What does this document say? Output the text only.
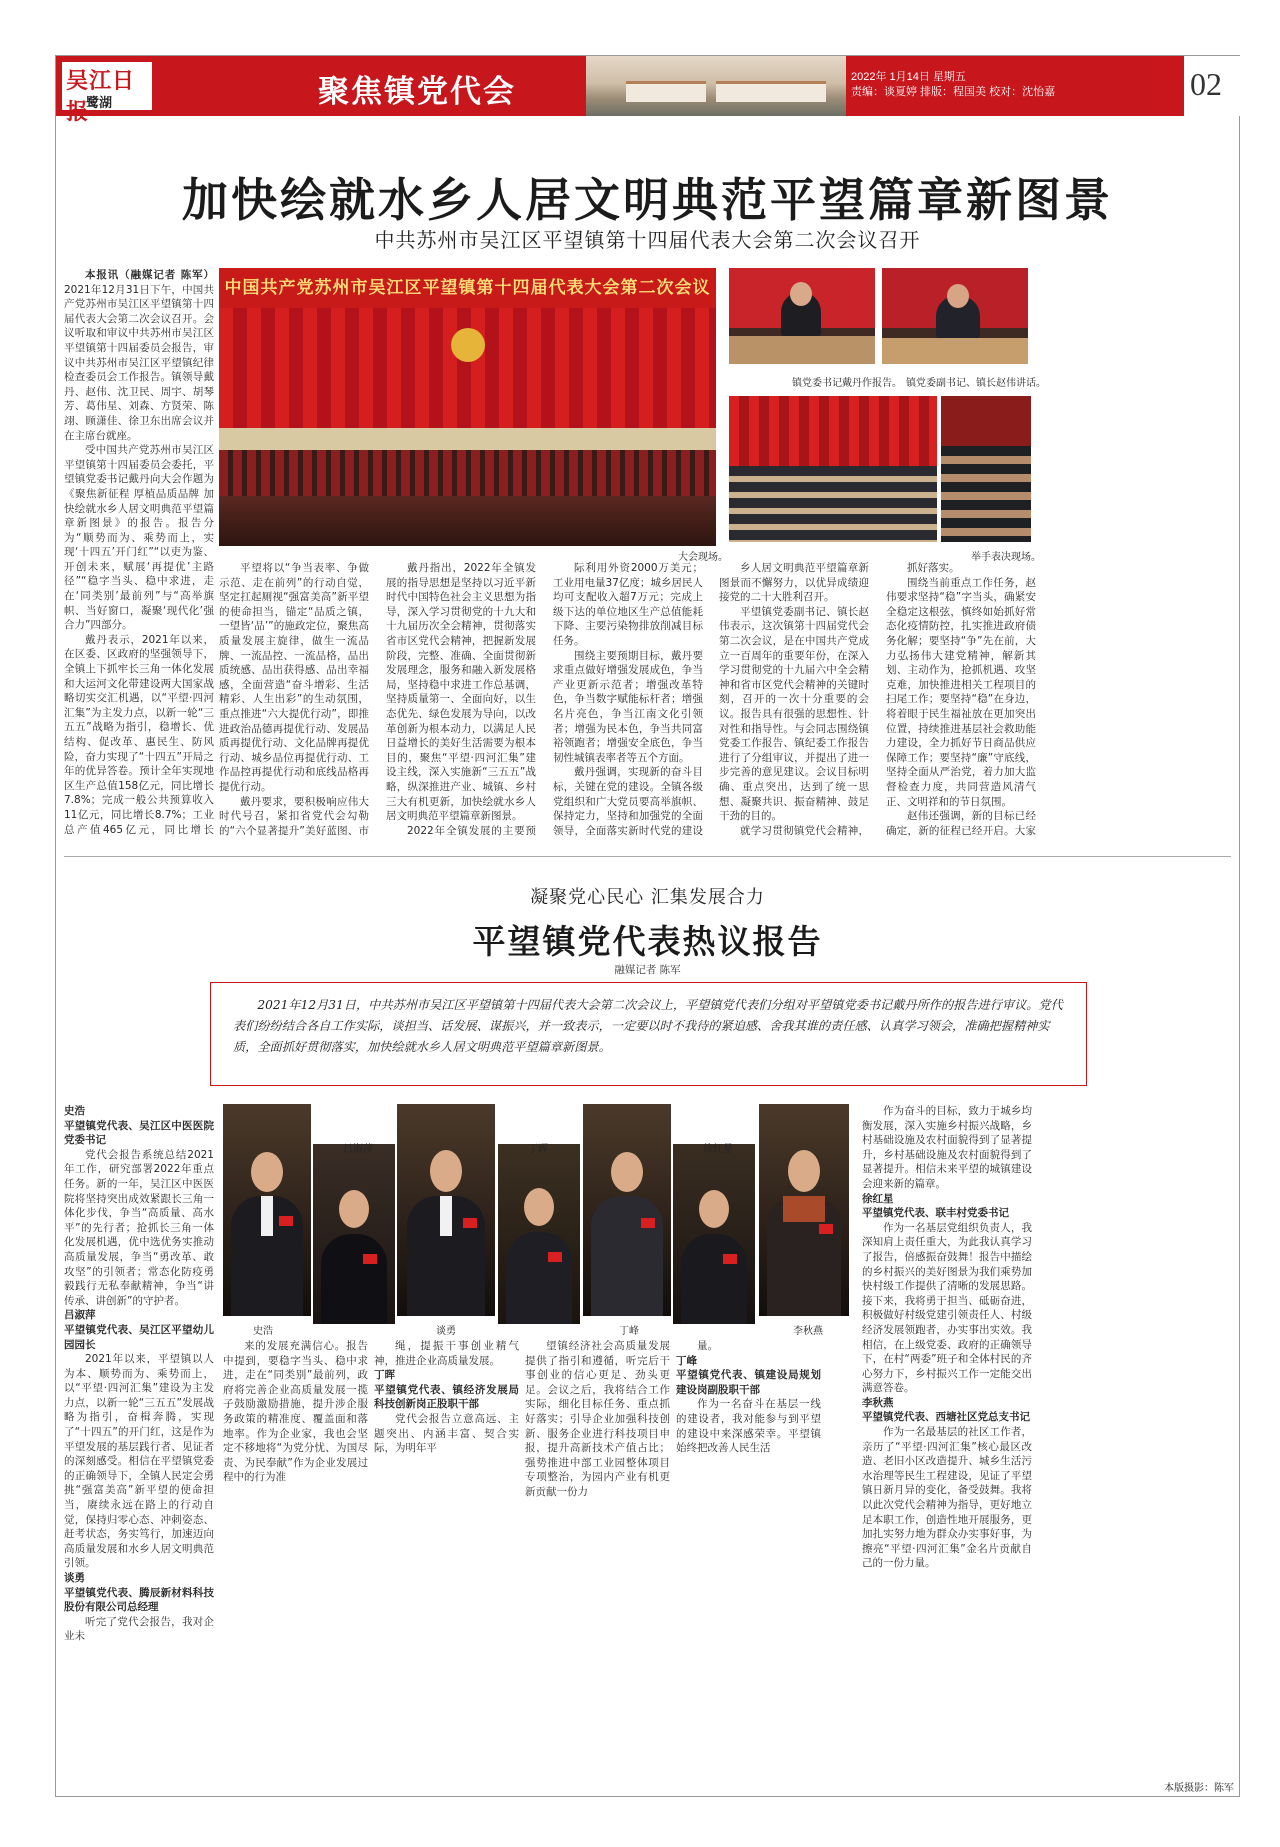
吴江日报
鹭湖	聚焦镇党代会	2022年 1月14日 星期五
责编：谈夏婷 排版：程国美 校对：沈怡嘉	02
加快绘就水乡人居文明典范平望篇章新图景
中共苏州市吴江区平望镇第十四届代表大会第二次会议召开
中国共产党苏州市吴江区平望镇第十四届代表大会第二次会议
大会现场。
镇党委书记戴丹作报告。 镇党委副书记、镇长赵伟讲话。
举手表决现场。

本报讯（融媒记者 陈军）2021年12月31日下午，中国共产党苏州市吴江区平望镇第十四届代表大会第二次会议召开。会议听取和审议中共苏州市吴江区平望镇第十四届委员会报告，审议中共苏州市吴江区平望镇纪律检查委员会工作报告。镇领导戴丹、赵伟、沈卫民、周宇、胡琴芳、葛伟星、刘森、方贤荣、陈翊、顾潇佳、徐卫东出席会议并在主席台就座。

受中国共产党苏州市吴江区平望镇第十四届委员会委托，平望镇党委书记戴丹向大会作题为《聚焦新征程 厚植品质品牌 加快绘就水乡人居文明典范平望篇章新图景》的报告。报告分为“顺势而为、乘势而上，实现‘十四五’开门红”“以吏为鉴、开创未来，赋展‘再提优’主路径”“稳字当头、稳中求进，走在‘同类别’最前列”与“高举旗帜、当好窗口，凝聚‘现代化’强合力”四部分。

戴丹表示，2021年以来，在区委、区政府的坚强领导下，全镇上下抓牢长三角一体化发展和大运河文化带建设两大国家战略切实交汇机遇，以“平望·四河汇集”为主发力点，以新一轮“三五五”战略为指引，稳增长、优结构、促改革、惠民生、防风险，奋力实现了“十四五”开局之年的优异答卷。预计全年实现地区生产总值158亿元，同比增长7.8%；完成一般公共预算收入11亿元，同比增长8.7%；工业总产值465亿元，同比增长

平望将以“争当表率、争做示范、走在前列”的行动自觉，坚定扛起厕视“强富美高”新平望的使命担当，锚定“品质之镇，一望皆‘品’”的施政定位，聚焦高质量发展主旋律，做生一流品牌、一流品控、一流品格，品出质统感、品出获得感、品出幸福感，全面营造“奋斗增彩、生活精彩、人生出彩”的生动氛围，重点推进“六大提优行动”，即推进政治品德再提优行动、发展品质再提优行动、文化品牌再提优行动、城乡品位再提优行动、工作品控再提优行动和底线品格再提优行动。

戴丹要求，要积极响应伟大时代号召，紧扣省党代会勾勒的“六个显著提升”美好蓝图、市

戴丹指出，2022年全镇发展的指导思想是坚持以习近平新时代中国特色社会主义思想为指导，深入学习贯彻党的十九大和十九届历次全会精神，贯彻落实省市区党代会精神，把握新发展阶段，完整、准确、全面贯彻新发展理念，服务和融入新发展格局，坚持稳中求进工作总基调，坚持质量第一、全面向好，以生态优先、绿色发展为导向，以改革创新为根本动力，以满足人民日益增长的美好生活需要为根本目的，聚焦“平望·四河汇集”建设主线，深入实施新“三五五”战略，纵深推进产业、城镇、乡村三大有机更新，加快绘就水乡人居文明典范平望篇章新图景。

2022年全镇发展的主要预

际利用外资2000万美元；工业用电量37亿度；城乡居民人均可支配收入超7万元；完成上级下达的单位地区生产总值能耗下降、主要污染物排放削减目标任务。

围绕主要预期目标，戴丹要求重点做好增强发展成色，争当产业更新示范者；增强改革特色，争当数字赋能标杆者；增强名片亮色，争当江南文化引领者；增强为民本色，争当共同富裕领跑者；增强安全底色，争当韧性城镇表率者等五个方面。

戴丹强调，实现新的奋斗目标，关键在党的建设。全镇各级党组织和广大党员要高举旗帜、保持定力，坚持和加强党的全面领导，全面落实新时代党的建设

乡人居文明典范平望篇章新图景而不懈努力，以优异成绩迎接党的二十大胜利召开。

平望镇党委副书记、镇长赵伟表示，这次镇第十四届党代会第二次会议，是在中国共产党成立一百周年的重要年份，在深入学习贯彻党的十九届六中全会精神和省市区党代会精神的关键时刻，召开的一次十分重要的会议。报告具有很强的思想性、针对性和指导性。与会同志围绕镇党委工作报告、镇纪委工作报告进行了分组审议，并提出了进一步完善的意见建议。会议目标明确、重点突出，达到了统一思想、凝聚共识、振奋精神、鼓足干劲的目的。

就学习贯彻镇党代会精神，

抓好落实。

围绕当前重点工作任务，赵伟要求坚持“稳”字当头，确紧安全稳定这根弦，慎终如始抓好常态化疫情防控，扎实推进政府债务化解；要坚持“争”先在前，大力弘扬伟大建党精神，解新其划、主动作为，抢抓机遇、攻坚克难，加快推进相关工程项目的扫尾工作；要坚持“稳”在身边，将着眼于民生福祉放在更加突出位置，持续推进基层社会救助能力建设，全力抓好节日商品供应保障工作；要坚持“廉”守底线，坚持全面从严治党，着力加大监督检查力度，共同营造风清气正、文明祥和的节日氛围。

赵伟还强调，新的目标已经确定，新的征程已经开启。大家

凝聚党心民心 汇集发展合力
平望镇党代表热议报告
融媒记者 陈军
2021年12月31日，中共苏州市吴江区平望镇第十四届代表大会第二次会议上，平望镇党代表们分组对平望镇党委书记戴丹所作的报告进行审议。党代表们纷纷结合各自工作实际，谈担当、话发展、谋振兴，并一致表示，一定要以时不我待的紧迫感、舍我其谁的责任感、认真学习领会，准确把握精神实质，全面抓好贯彻落实，加快绘就水乡人居文明典范平望篇章新图景。
史浩
吕淑萍
谈勇
丁晖
丁峰
徐红星
李秋燕

史浩

平望镇党代表、吴江区中医医院党委书记

党代会报告系统总结2021年工作，研究部署2022年重点任务。新的一年，吴江区中医医院将坚持突出成效紧跟长三角一体化步伐，争当“高质量、高水平”的先行者；抢抓长三角一体化发展机遇，优中选优务实推动高质量发展，争当“勇改革、敢攻坚”的引领者；常态化防疫勇毅践行无私奉献精神，争当“讲传承、讲创新”的守护者。

吕淑萍

平望镇党代表、吴江区平望幼儿园园长

2021年以来，平望镇以人为本、顺势而为、乘势而上，以“平望·四河汇集”建设为主发力点，以新一轮“三五五”发展战略为指引，奋楫奔腾，实现了“十四五”的开门红，这是作为平望发展的基层践行者、见证者的深刻感受。相信在平望镇党委的正确领导下，全镇人民定会勇挑“强富美高”新平望的使命担当，赓续永远在路上的行动自觉，保持归零心态、冲刺姿态、赶考状态，务实笃行，加速迈向高质量发展和水乡人居文明典范引领。

谈勇

平望镇党代表、腾辰新材料科技股份有限公司总经理

听完了党代会报告，我对企业未

来的发展充满信心。报告中提到，要稳字当头、稳中求进，走在“同类别”最前列，政府将完善企业高质量发展一揽子鼓励激励措施，提升涉企服务政策的精准度、覆盖面和落地率。作为企业家，我也会坚定不移地将“为党分忧、为国尽责、为民奉献”作为企业发展过程中的行为准

绳，提振干事创业精气神，推进企业高质量发展。

丁晖

平望镇党代表、镇经济发展局科技创新岗正股职干部

党代会报告立意高远、主题突出、内涵丰富、契合实际，为明年平

望镇经济社会高质量发展提供了指引和遵循，听完后干事创业的信心更足、劲头更足。会议之后，我将结合工作实际，细化目标任务、重点抓好落实；引导企业加强科技创新、服务企业进行科技项目申报，提升高新技术产值占比；强势推进中部工业园整体项目专项整治，为园内产业有机更新贡献一份力

量。

丁峰

平望镇党代表、镇建设局规划建设岗副股职干部

作为一名奋斗在基层一线的建设者，我对能参与到平望的建设中来深感荣幸。平望镇始终把改善人民生活

作为奋斗的目标，致力于城乡均衡发展，深入实施乡村振兴战略，乡村基础设施及农村面貌得到了显著提升，乡村基础设施及农村面貌得到了显著提升。相信未来平望的城镇建设会迎来新的篇章。

徐红星

平望镇党代表、联丰村党委书记

作为一名基层党组织负责人，我深知肩上责任重大，为此我认真学习了报告，倍感振奋鼓舞！报告中描绘的乡村振兴的美好图景为我们乘势加快村级工作提供了清晰的发展思路。接下来，我将勇于担当、砥砺奋进，积极做好村级党建引领责任人、村级经济发展领跑者，办实事出实效。我相信，在上级党委、政府的正确领导下，在村“两委”班子和全体村民的齐心努力下，乡村振兴工作一定能交出满意答卷。

李秋燕

平望镇党代表、西塘社区党总支书记

作为一名最基层的社区工作者，亲历了“平望·四河汇集”核心最区改造、老旧小区改造提升、城乡生活污水治理等民生工程建设，见证了平望镇日新月异的变化，备受鼓舞。我将以此次党代会精神为指导，更好地立足本职工作，创造性地开展服务，更加扎实努力地为群众办实事好事，为擦亮“平望·四河汇集”金名片贡献自己的一份力量。

本版摄影：陈军
